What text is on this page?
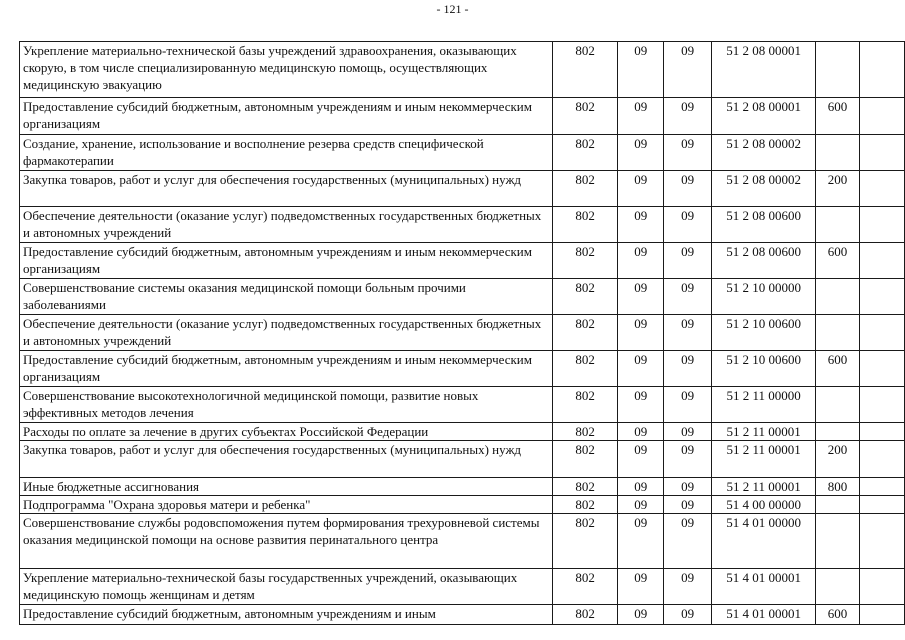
- 121 -
Укрепление материально-технической базы учреждений здравоохранения, оказывающих скорую, в том числе специализированную медицинскую помощь, осуществляющих медицинскую эвакуацию	802	09	09	51 2 08 00001		
Предоставление субсидий бюджетным, автономным учреждениям и иным некоммерческим организациям	802	09	09	51 2 08 00001	600	
Создание, хранение, использование и восполнение резерва средств специфической фармакотерапии	802	09	09	51 2 08 00002		
Закупка товаров, работ и услуг для обеспечения государственных (муниципальных) нужд	802	09	09	51 2 08 00002	200	
Обеспечение деятельности (оказание услуг) подведомственных государственных бюджетных и автономных учреждений	802	09	09	51 2 08 00600		
Предоставление субсидий бюджетным, автономным учреждениям и иным некоммерческим организациям	802	09	09	51 2 08 00600	600	
Совершенствование системы оказания медицинской помощи больным прочими заболеваниями	802	09	09	51 2 10 00000		
Обеспечение деятельности (оказание услуг) подведомственных государственных бюджетных и автономных учреждений	802	09	09	51 2 10 00600		
Предоставление субсидий бюджетным, автономным учреждениям и иным некоммерческим организациям	802	09	09	51 2 10 00600	600	
Совершенствование высокотехнологичной медицинской помощи, развитие новых эффективных методов лечения	802	09	09	51 2 11 00000		
Расходы по оплате за лечение в других субъектах Российской Федерации	802	09	09	51 2 11 00001		
Закупка товаров, работ и услуг для обеспечения государственных (муниципальных) нужд	802	09	09	51 2 11 00001	200	
Иные бюджетные ассигнования	802	09	09	51 2 11 00001	800	
Подпрограмма "Охрана здоровья матери и ребенка"	802	09	09	51 4 00 00000		
Совершенствование службы родовспоможения путем формирования трехуровневой системы оказания медицинской помощи на основе развития перинатального центра	802	09	09	51 4 01 00000		
Укрепление материально-технической базы государственных учреждений, оказывающих медицинскую помощь женщинам и детям	802	09	09	51 4 01 00001		
Предоставление субсидий бюджетным, автономным учреждениям и иным	802	09	09	51 4 01 00001	600	
